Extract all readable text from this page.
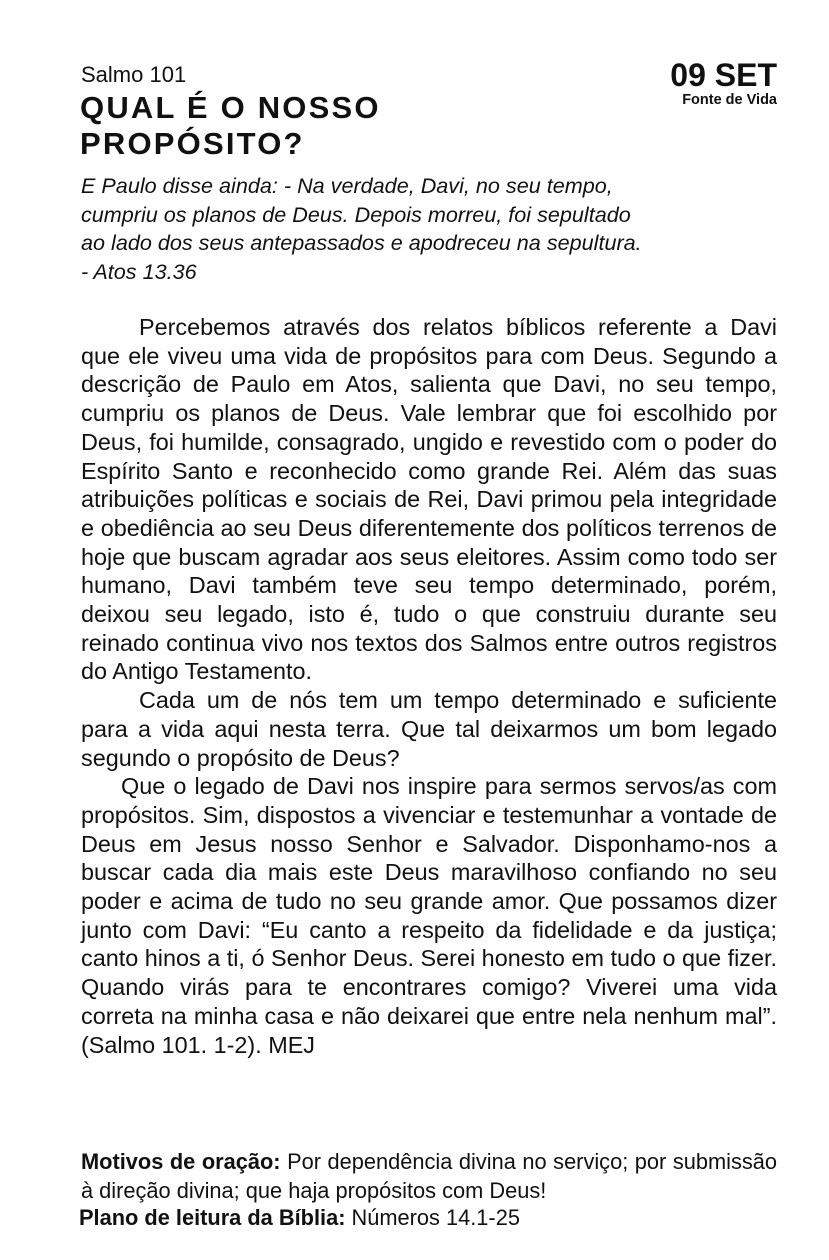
Salmo 101
QUAL É O NOSSO PROPÓSITO?
09 SET
Fonte de Vida
E Paulo disse ainda: - Na verdade, Davi, no seu tempo,
cumpriu os planos de Deus. Depois morreu, foi sepultado
ao lado dos seus antepassados e apodreceu na sepultura.
- Atos 13.36

Percebemos através dos relatos bíblicos referente a Davi que ele viveu uma vida de propósitos para com Deus. Segundo a descrição de Paulo em Atos, salienta que Davi, no seu tempo, cumpriu os planos de Deus. Vale lembrar que foi escolhido por Deus, foi humilde, consagrado, ungido e revestido com o poder do Espírito Santo e reconhecido como grande Rei. Além das suas atribuições políticas e sociais de Rei, Davi primou pela integridade e obediência ao seu Deus diferentemente dos políticos terrenos de hoje que buscam agradar aos seus eleitores. Assim como todo ser humano, Davi também teve seu tempo determinado, porém, deixou seu legado, isto é, tudo o que construiu durante seu reinado continua vivo nos textos dos Salmos entre outros registros do Antigo Testamento.

Cada um de nós tem um tempo determinado e suficiente para a vida aqui nesta terra. Que tal deixarmos um bom legado segundo o propósito de Deus?

Que o legado de Davi nos inspire para sermos servos/as com propósitos. Sim, dispostos a vivenciar e testemunhar a vontade de Deus em Jesus nosso Senhor e Salvador. Disponhamo-nos a buscar cada dia mais este Deus maravilhoso confiando no seu poder e acima de tudo no seu grande amor. Que possamos dizer junto com Davi: “Eu canto a respeito da fidelidade e da justiça; canto hinos a ti, ó Senhor Deus. Serei honesto em tudo o que fizer. Quando virás para te encontrares comigo? Viverei uma vida correta na minha casa e não deixarei que entre nela nenhum mal”. (Salmo 101. 1-2). MEJ

Motivos de oração: Por dependência divina no serviço; por submissão à direção divina; que haja propósitos com Deus!
Plano de leitura da Bíblia: Números 14.1-25
